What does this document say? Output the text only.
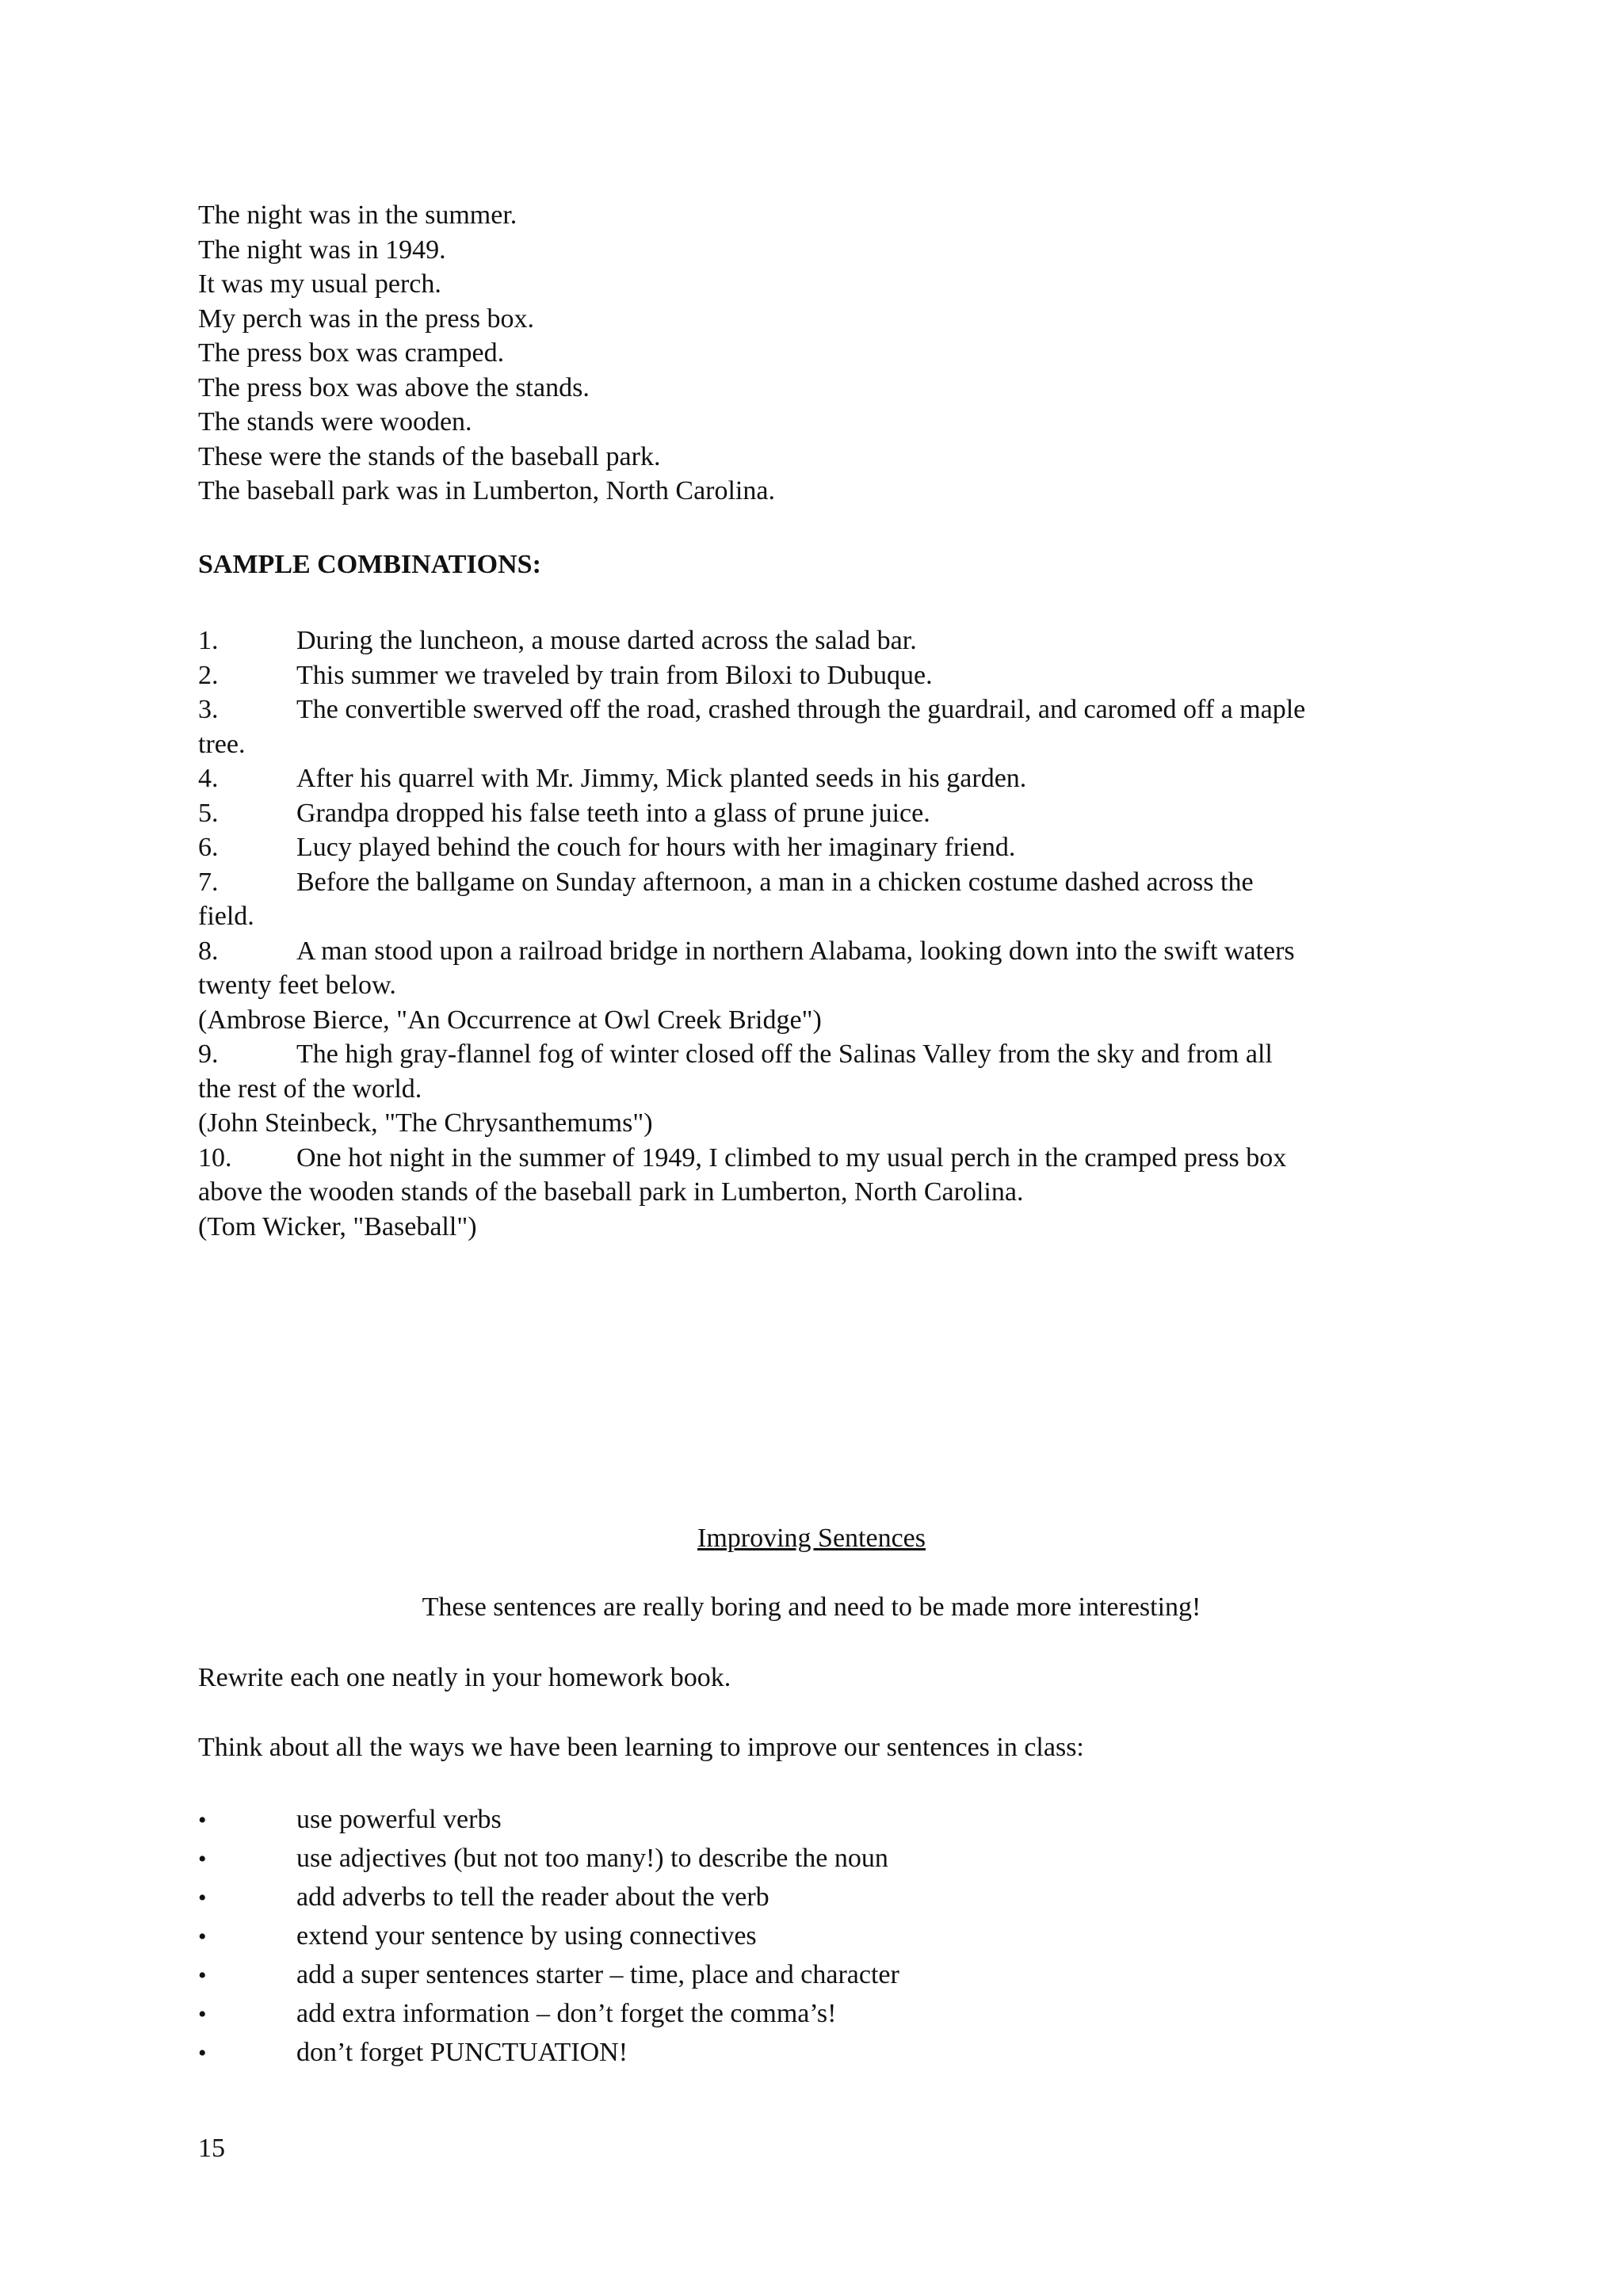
The night was in the summer.
The night was in 1949.
It was my usual perch.
My perch was in the press box.
The press box was cramped.
The press box was above the stands.
The stands were wooden.
These were the stands of the baseball park.
The baseball park was in Lumberton, North Carolina.
SAMPLE COMBINATIONS:
1.	During the luncheon, a mouse darted across the salad bar.
2.	This summer we traveled by train from Biloxi to Dubuque.
3.	The convertible swerved off the road, crashed through the guardrail, and caromed off a maple
tree.
4.	After his quarrel with Mr. Jimmy, Mick planted seeds in his garden.
5.	Grandpa dropped his false teeth into a glass of prune juice.
6.	Lucy played behind the couch for hours with her imaginary friend.
7.	Before the ballgame on Sunday afternoon, a man in a chicken costume dashed across the
field.
8.	A man stood upon a railroad bridge in northern Alabama, looking down into the swift waters
twenty feet below.
(Ambrose Bierce, "An Occurrence at Owl Creek Bridge")
9.	The high gray-flannel fog of winter closed off the Salinas Valley from the sky and from all
the rest of the world.
(John Steinbeck, "The Chrysanthemums")
10. One hot night in the summer of 1949, I climbed to my usual perch in the cramped press box
above the wooden stands of the baseball park in Lumberton, North Carolina.
(Tom Wicker, "Baseball")
Improving Sentences
These sentences are really boring and need to be made more interesting!
Rewrite each one neatly in your homework book.
Think about all the ways we have been learning to improve our sentences in class:
•	use powerful verbs
•	use adjectives (but not too many!) to describe the noun
•	add adverbs to tell the reader about the verb
•	extend your sentence by using connectives
•	add a super sentences starter – time, place and character
•	add extra information – don’t forget the comma’s!
•	don’t forget PUNCTUATION!
15
